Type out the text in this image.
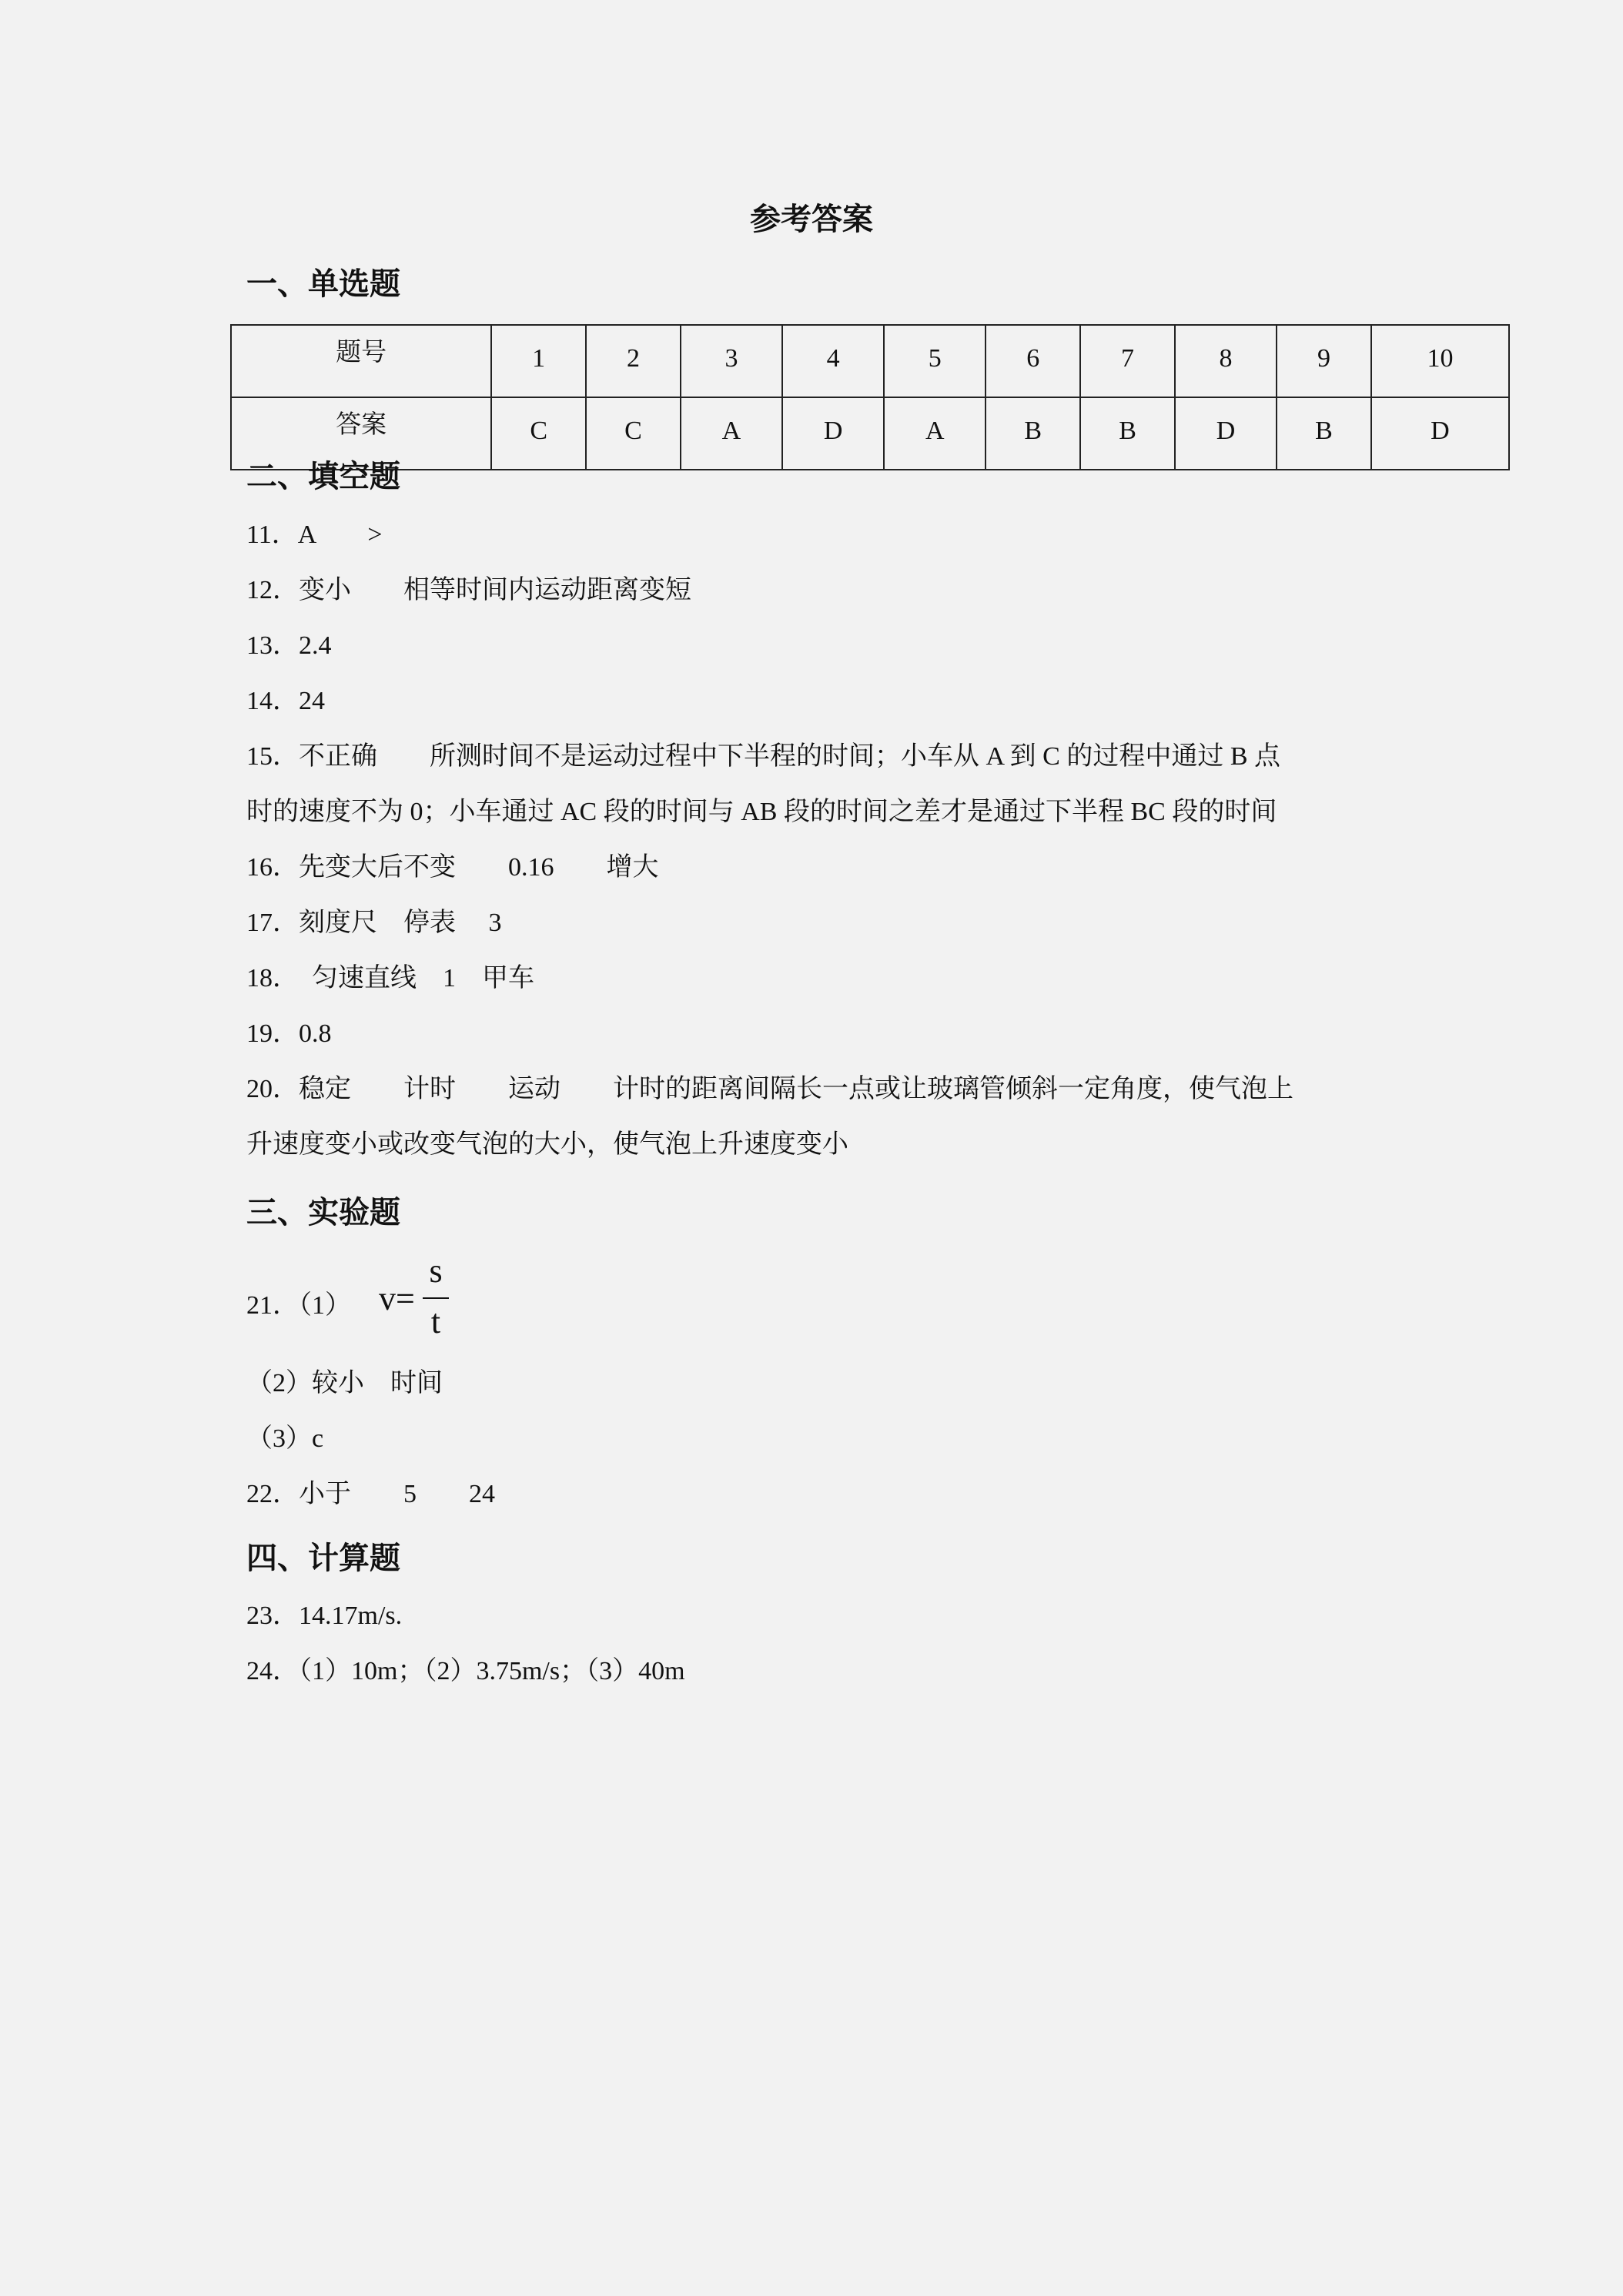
参考答案
一、单选题
题号	1	2	3	4	5	6	7	8	9	10
答案	C	C	A	D	A	B	B	D	B	D
二、填空题
11．A　　>
12．变小　　相等时间内运动距离变短
13．2.4
14．24
15．不正确　　所测时间不是运动过程中下半程的时间；小车从 A 到 C 的过程中通过 B 点
时的速度不为 0；小车通过 AC 段的时间与 AB 段的时间之差才是通过下半程 BC 段的时间
16．先变大后不变　　0.16　　增大
17．刻度尺　停表　 3
18．  匀速直线　1　甲车
19．0.8
20．稳定　　计时　　运动　　计时的距离间隔长一点或让玻璃管倾斜一定角度，使气泡上
升速度变小或改变气泡的大小，使气泡上升速度变小
三、实验题
21．（1） v=
s
t
（2）较小　时间
（3）c
22．小于　　5　　24
四、计算题
23．14.17m/s.
24．（1）10m；（2）3.75m/s；（3）40m
